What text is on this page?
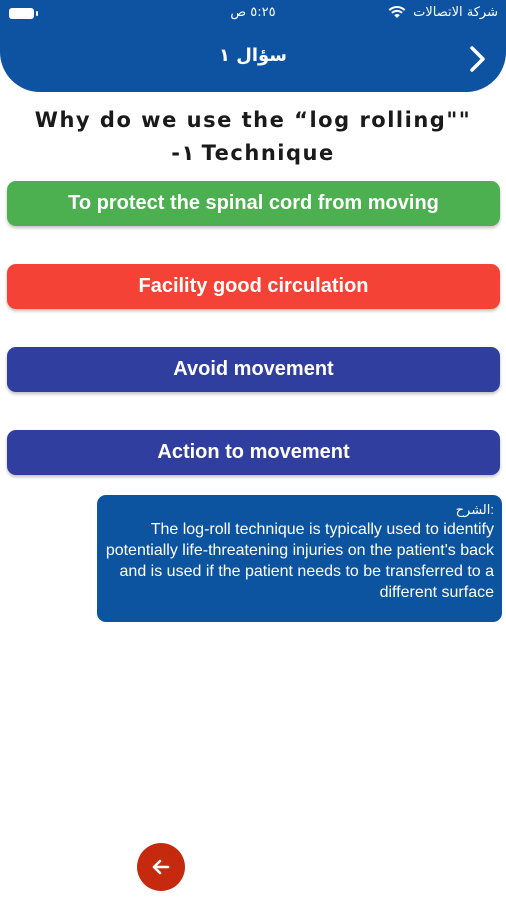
٥:٢٥ ص	شركة الاتصالات
سؤال ١
Why do we use the “log rolling"" -١ Technique
To protect the spinal cord from moving
Facility good circulation
Avoid movement
Action to movement
الشرح:
The log-roll technique is typically used to identify potentially life-threatening injuries on the patient's back and is used if the patient needs to be transferred to a different surface
